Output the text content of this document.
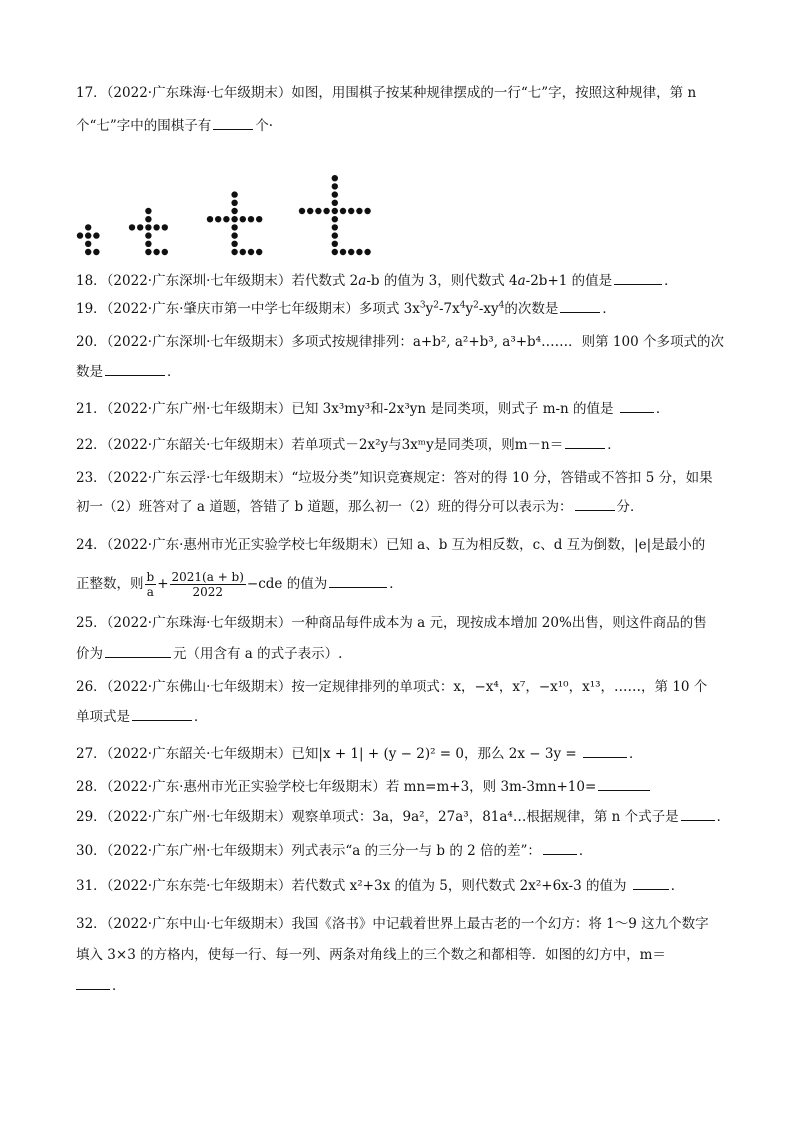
17．（2022·广东珠海·七年级期末）如图，用围棋子按某种规律摆成的一行“七”字，按照这种规律，第 n
个“七”字中的围棋子有	个·
18．（2022·广东深圳·七年级期末）若代数式 2a-b 的值为 3，则代数式 4a-2b+1 的值是	．
19．（2022·广东·肇庆市第一中学七年级期末）多项式 $3x^3y^2-7x^4y^2-xy^4$的次数是	．
20．（2022·广东深圳·七年级期末）多项式按规律排列：a+b², a²+b³, a³+b⁴……．则第 100 个多项式的次
数是	．
21．（2022·广东广州·七年级期末）已知 3x³my³和-2x³yn 是同类项，则式子 m-n 的值是	．
22．（2022·广东韶关·七年级期末）若单项式－2x²y与3xᵐy是同类项，则m－n＝	．
23．（2022·广东云浮·七年级期末）“垃圾分类”知识竞赛规定：答对的得 10 分，答错或不答扣 5 分，如果
初一（2）班答对了 a 道题，答错了 b 道题，那么初一（2）班的得分可以表示为：	分．
24．（2022·广东·惠州市光正实验学校七年级期末）已知 a、b 互为相反数，c、d 互为倒数，|e|是最小的
正整数，则 $\frac{b}{a} + \frac{2021(a + b)}{2022} -cde$ 的值为	．
25．（2022·广东珠海·七年级期末）一种商品每件成本为 a 元，现按成本增加 20%出售，则这件商品的售
价为	元（用含有 a 的式子表示）.
26．（2022·广东佛山·七年级期末）按一定规律排列的单项式：x，−x⁴，x⁷，−x¹⁰，x¹³，……，第 10 个
单项式是	．
27．（2022·广东韶关·七年级期末）已知|x + 1| + (y − 2)² = 0，那么 2x − 3y =	．
28．（2022·广东·惠州市光正实验学校七年级期末）若 mn=m+3，则 3m-3mn+10=
29．（2022·广东广州·七年级期末）观察单项式：3a，9a²，27a³，81a⁴…根据规律，第 n 个式子是	．
30．（2022·广东广州·七年级期末）列式表示“a 的三分一与 b 的 2 倍的差”：	．
31．（2022·广东东莞·七年级期末）若代数式 x²+3x 的值为 5，则代数式 2x²+6x-3 的值为	．
32．（2022·广东中山·七年级期末）我国《洛书》中记载着世界上最古老的一个幻方：将 1～9 这九个数字
填入 3×3 的方格内，使每一行、每一列、两条对角线上的三个数之和都相等．如图的幻方中，m＝
．
